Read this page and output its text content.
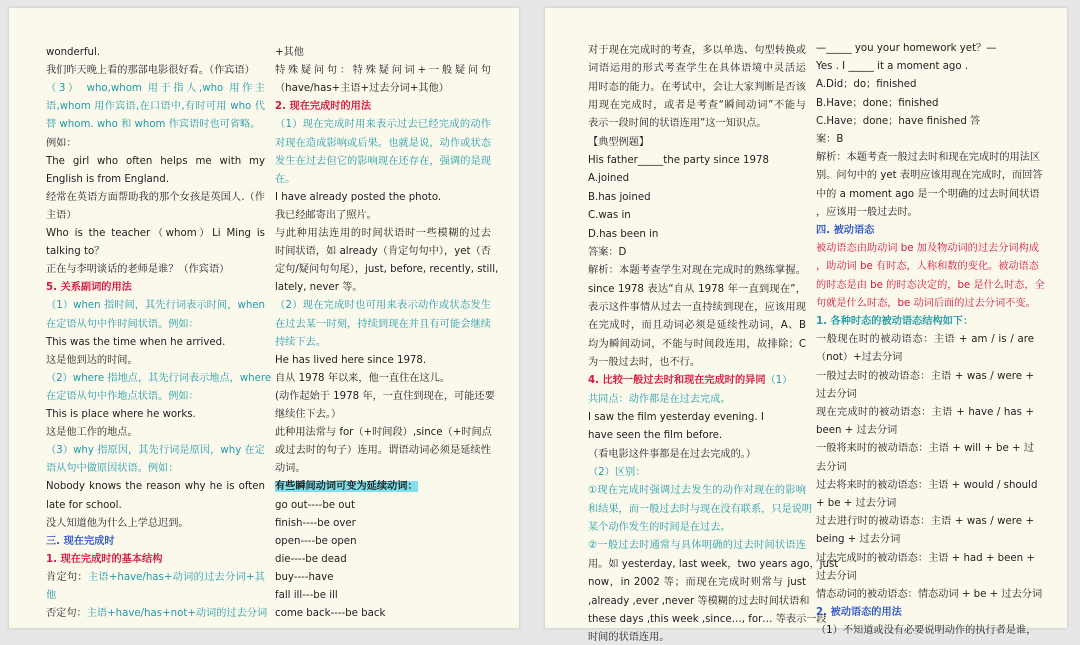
wonderful.
我们昨天晚上看的那部电影很好看。（作宾语）
（3） who,whom 用于指人,who 用作主
语,whom 用作宾语,在口语中,有时可用 who 代
替 whom. who 和 whom 作宾语时也可省略。
例如：
The girl who often helps me with my
English is from England.
经常在英语方面帮助我的那个女孩是英国人.（作
主语）
Who is the teacher（whom）Li Ming is
talking to？
正在与李明谈话的老师是谁？（作宾语）
5. 关系副词的用法
（1）when 指时间，其先行词表示时间，when
在定语从句中作时间状语。例如：
This was the time when he arrived.
这是他到达的时间。
（2）where 指地点，其先行词表示地点，where
在定语从句中作地点状语。例如：
This is place where he works.
这是他工作的地点。
（3）why 指原因，其先行词是原因，why 在定
语从句中做原因状语。例如：
Nobody knows the reason why he is often
late for school.
没人知道他为什么上学总迟到。
三. 现在完成时
1. 现在完成时的基本结构
肯定句：主语+have/has+动词的过去分词+其
他
否定句：主语+have/has+not+动词的过去分词
+其他
特殊疑问句：特殊疑问词+一般疑问句
（have/has+主语+过去分词+其他）
2. 现在完成时的用法
（1）现在完成时用来表示过去已经完成的动作
对现在造成影响或后果。也就是说，动作或状态
发生在过去但它的影响现在还存在，强调的是现
在。
I have already posted the photo.
我已经邮寄出了照片。
与此种用法连用的时间状语时一些模糊的过去
时间状语，如 already（肯定句句中），yet（否
定句/疑问句句尾），just, before, recently, still,
lately, never 等。
（2）现在完成时也可用来表示动作或状态发生
在过去某一时刻，持续到现在并且有可能会继续
持续下去。
He has lived here since 1978.
自从 1978 年以来，他一直住在这儿。
(动作起始于 1978 年，一直住到现在，可能还要
继续住下去。）
此种用法常与 for（+时间段）,since（+时间点
或过去时的句子）连用。谓语动词必须是延续性
动词。
有些瞬间动词可变为延续动词：
go out----be out
finish----be over
open----be open
die----be dead
buy----have
fall ill---be ill
come back----be back
对于现在完成时的考查，多以单选、句型转换或
词语运用的形式考查学生在具体语境中灵活运
用时态的能力。在考试中，会让大家判断是否该
用现在完成时，或者是考查“瞬间动词”不能与
表示一段时间的状语连用”这一知识点。
【典型例题】
His father_____the party since 1978
A.joined
B.has joined
C.was in
D.has been in
答案：D
解析：本题考查学生对现在完成时的熟练掌握。
since 1978 表达“自从 1978 年一直到现在”，
表示这件事情从过去一直持续到现在，应该用现
在完成时，而且动词必须是延续性动词，A、B
均为瞬间动词，不能与时间段连用，故排除；C
为一般过去时，也不行。
4. 比较一般过去时和现在完成时的异同（1）
共同点：动作都是在过去完成。
I saw the film yesterday evening. I
have seen the film before.
（看电影这件事都是在过去完成的。）
（2）区别：
①现在完成时强调过去发生的动作对现在的影响
和结果，而一般过去时与现在没有联系，只是说明
某个动作发生的时间是在过去。
②一般过去时通常与具体明确的过去时间状语连
用。如 yesterday, last week，two years ago，just
now，in 2002 等；而现在完成时则常与 just
,already ,ever ,never 等模糊的过去时间状语和
these days ,this week ,since…, for… 等表示一段
时间的状语连用。
—_____ you your homework yet？—
Yes . I _____ it a moment ago .
A.Did；do；finished
B.Have；done；finished
C.Have；done；have finished 答
案：B
解析：本题考查一般过去时和现在完成时的用法区
别。问句中的 yet 表明应该用现在完成时，而回答
中的 a moment ago 是一个明确的过去时间状语
，应该用一般过去时。
四. 被动语态
被动语态由助动词 be 加及物动词的过去分词构成
，助动词 be 有时态，人称和数的变化。被动语态
的时态是由 be 的时态决定的，be 是什么时态，全
句就是什么时态，be 动词后面的过去分词不变。
1. 各种时态的被动语态结构如下：
一般现在时的被动语态：主语 + am / is / are
（not）+过去分词
一般过去时的被动语态：主语 + was / were +
过去分词
现在完成时的被动语态：主语 + have / has +
been + 过去分词
一般将来时的被动语态：主语 + will + be + 过
去分词
过去将来时的被动语态：主语 + would / should
+ be + 过去分词
过去进行时的被动语态：主语 + was / were +
being + 过去分词
过去完成时的被动语态：主语 + had + been +
过去分词
情态动词的被动语态：情态动词 + be + 过去分词
2. 被动语态的用法
（1）不知道或没有必要说明动作的执行者是谁，
